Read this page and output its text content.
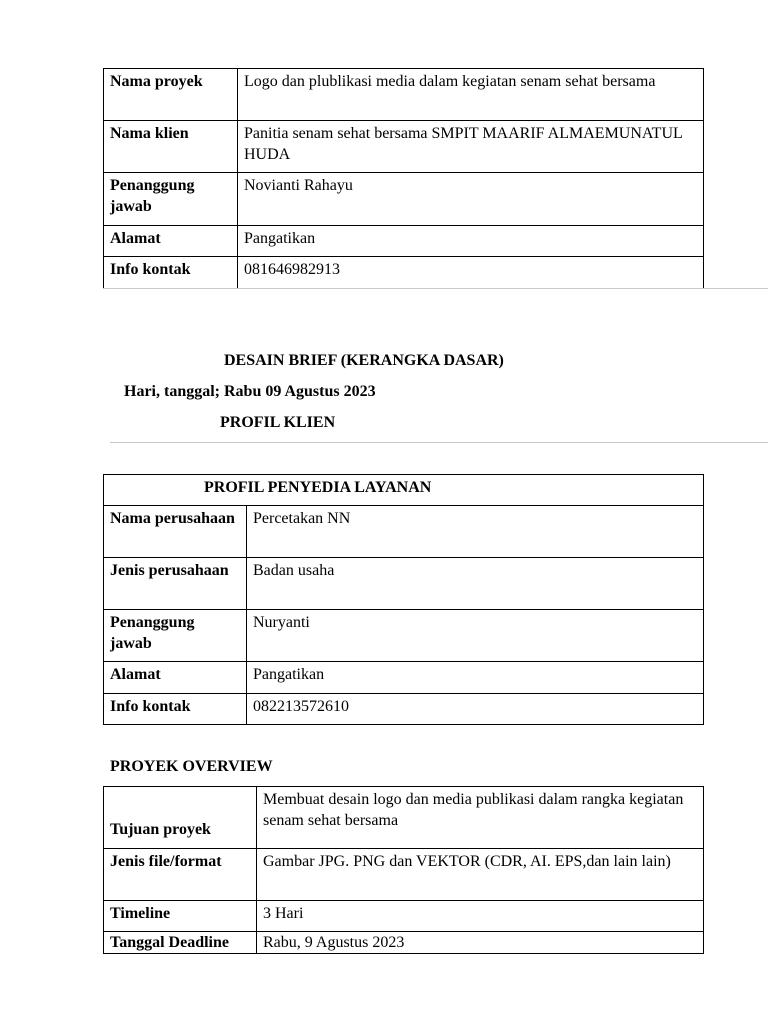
Nama proyek	Logo dan plublikasi media dalam kegiatan senam sehat bersama
Nama klien	Panitia senam sehat bersama SMPIT MAARIF ALMAEMUNATUL HUDA
Penanggung jawab	Novianti Rahayu
Alamat	Pangatikan
Info kontak	081646982913
DESAIN BRIEF (KERANGKA DASAR)
Hari, tanggal; Rabu 09 Agustus 2023
PROFIL KLIEN
PROFIL PENYEDIA LAYANAN	
Nama perusahaan	Percetakan NN
Jenis perusahaan	Badan usaha
Penanggung jawab	Nuryanti
Alamat	Pangatikan
Info kontak	082213572610
PROYEK OVERVIEW
Tujuan proyek	Membuat desain logo dan media publikasi dalam rangka kegiatan senam sehat bersama
Jenis file/format	Gambar JPG. PNG dan VEKTOR (CDR, AI. EPS,dan lain lain)
Timeline	3 Hari
Tanggal Deadline	Rabu, 9 Agustus 2023
